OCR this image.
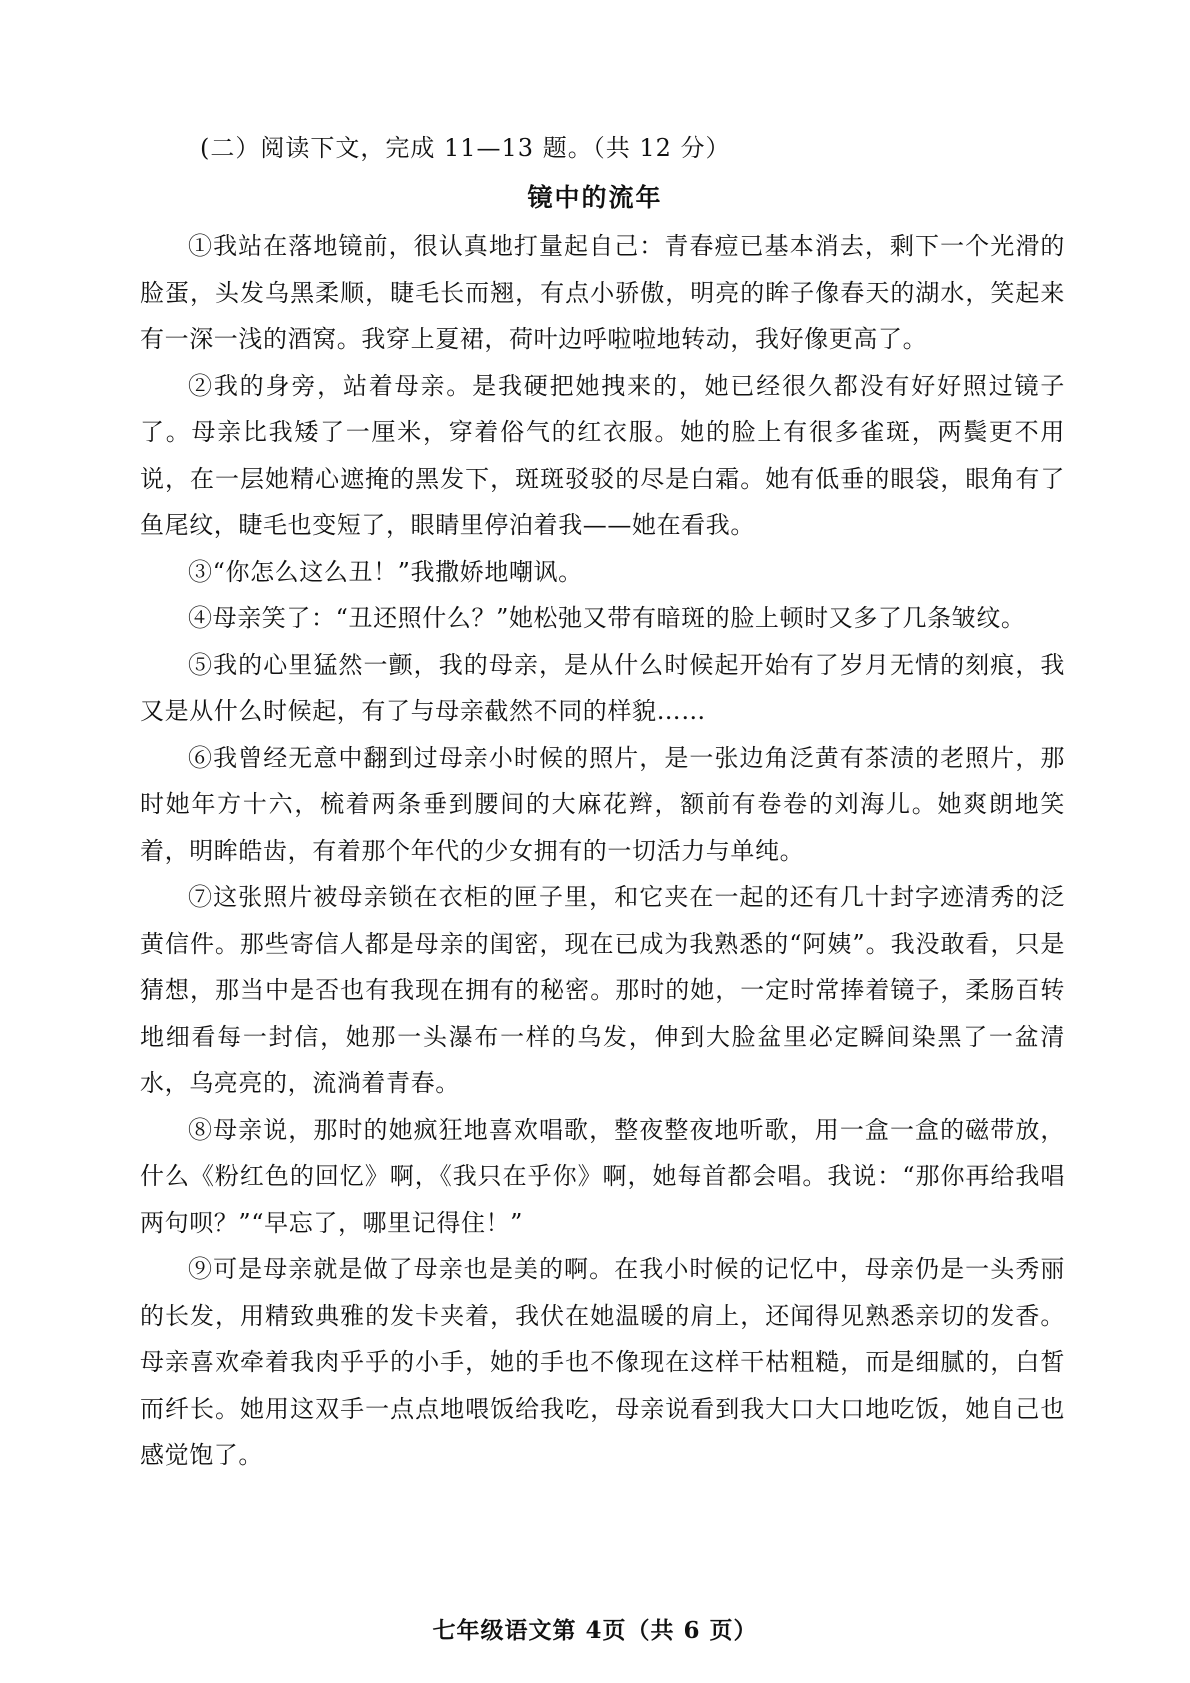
(二）阅读下文，完成 11—13 题。（共 12 分）
镜中的流年

①我站在落地镜前，很认真地打量起自己：青春痘已基本消去，剩下一个光滑的脸蛋，头发乌黑柔顺，睫毛长而翘，有点小骄傲，明亮的眸子像春天的湖水，笑起来有一深一浅的酒窝。我穿上夏裙，荷叶边呼啦啦地转动，我好像更高了。

②我的身旁，站着母亲。是我硬把她拽来的，她已经很久都没有好好照过镜子了。母亲比我矮了一厘米，穿着俗气的红衣服。她的脸上有很多雀斑，两鬓更不用说，在一层她精心遮掩的黑发下，斑斑驳驳的尽是白霜。她有低垂的眼袋，眼角有了鱼尾纹，睫毛也变短了，眼睛里停泊着我——她在看我。

③“你怎么这么丑！”我撒娇地嘲讽。

④母亲笑了：“丑还照什么？”她松弛又带有暗斑的脸上顿时又多了几条皱纹。

⑤我的心里猛然一颤，我的母亲，是从什么时候起开始有了岁月无情的刻痕，我又是从什么时候起，有了与母亲截然不同的样貌……

⑥我曾经无意中翻到过母亲小时候的照片，是一张边角泛黄有茶渍的老照片，那时她年方十六，梳着两条垂到腰间的大麻花辫，额前有卷卷的刘海儿。她爽朗地笑着，明眸皓齿，有着那个年代的少女拥有的一切活力与单纯。

⑦这张照片被母亲锁在衣柜的匣子里，和它夹在一起的还有几十封字迹清秀的泛黄信件。那些寄信人都是母亲的闺密，现在已成为我熟悉的“阿姨”。我没敢看，只是猜想，那当中是否也有我现在拥有的秘密。那时的她，一定时常捧着镜子，柔肠百转地细看每一封信，她那一头瀑布一样的乌发，伸到大脸盆里必定瞬间染黑了一盆清水，乌亮亮的，流淌着青春。

⑧母亲说，那时的她疯狂地喜欢唱歌，整夜整夜地听歌，用一盒一盒的磁带放，什么《粉红色的回忆》啊，《我只在乎你》啊，她每首都会唱。我说：“那你再给我唱两句呗？”“早忘了，哪里记得住！”

⑨可是母亲就是做了母亲也是美的啊。在我小时候的记忆中，母亲仍是一头秀丽的长发，用精致典雅的发卡夹着，我伏在她温暖的肩上，还闻得见熟悉亲切的发香。母亲喜欢牵着我肉乎乎的小手，她的手也不像现在这样干枯粗糙，而是细腻的，白皙而纤长。她用这双手一点点地喂饭给我吃，母亲说看到我大口大口地吃饭，她自己也感觉饱了。

七年级语文第 4页（共 6 页）
